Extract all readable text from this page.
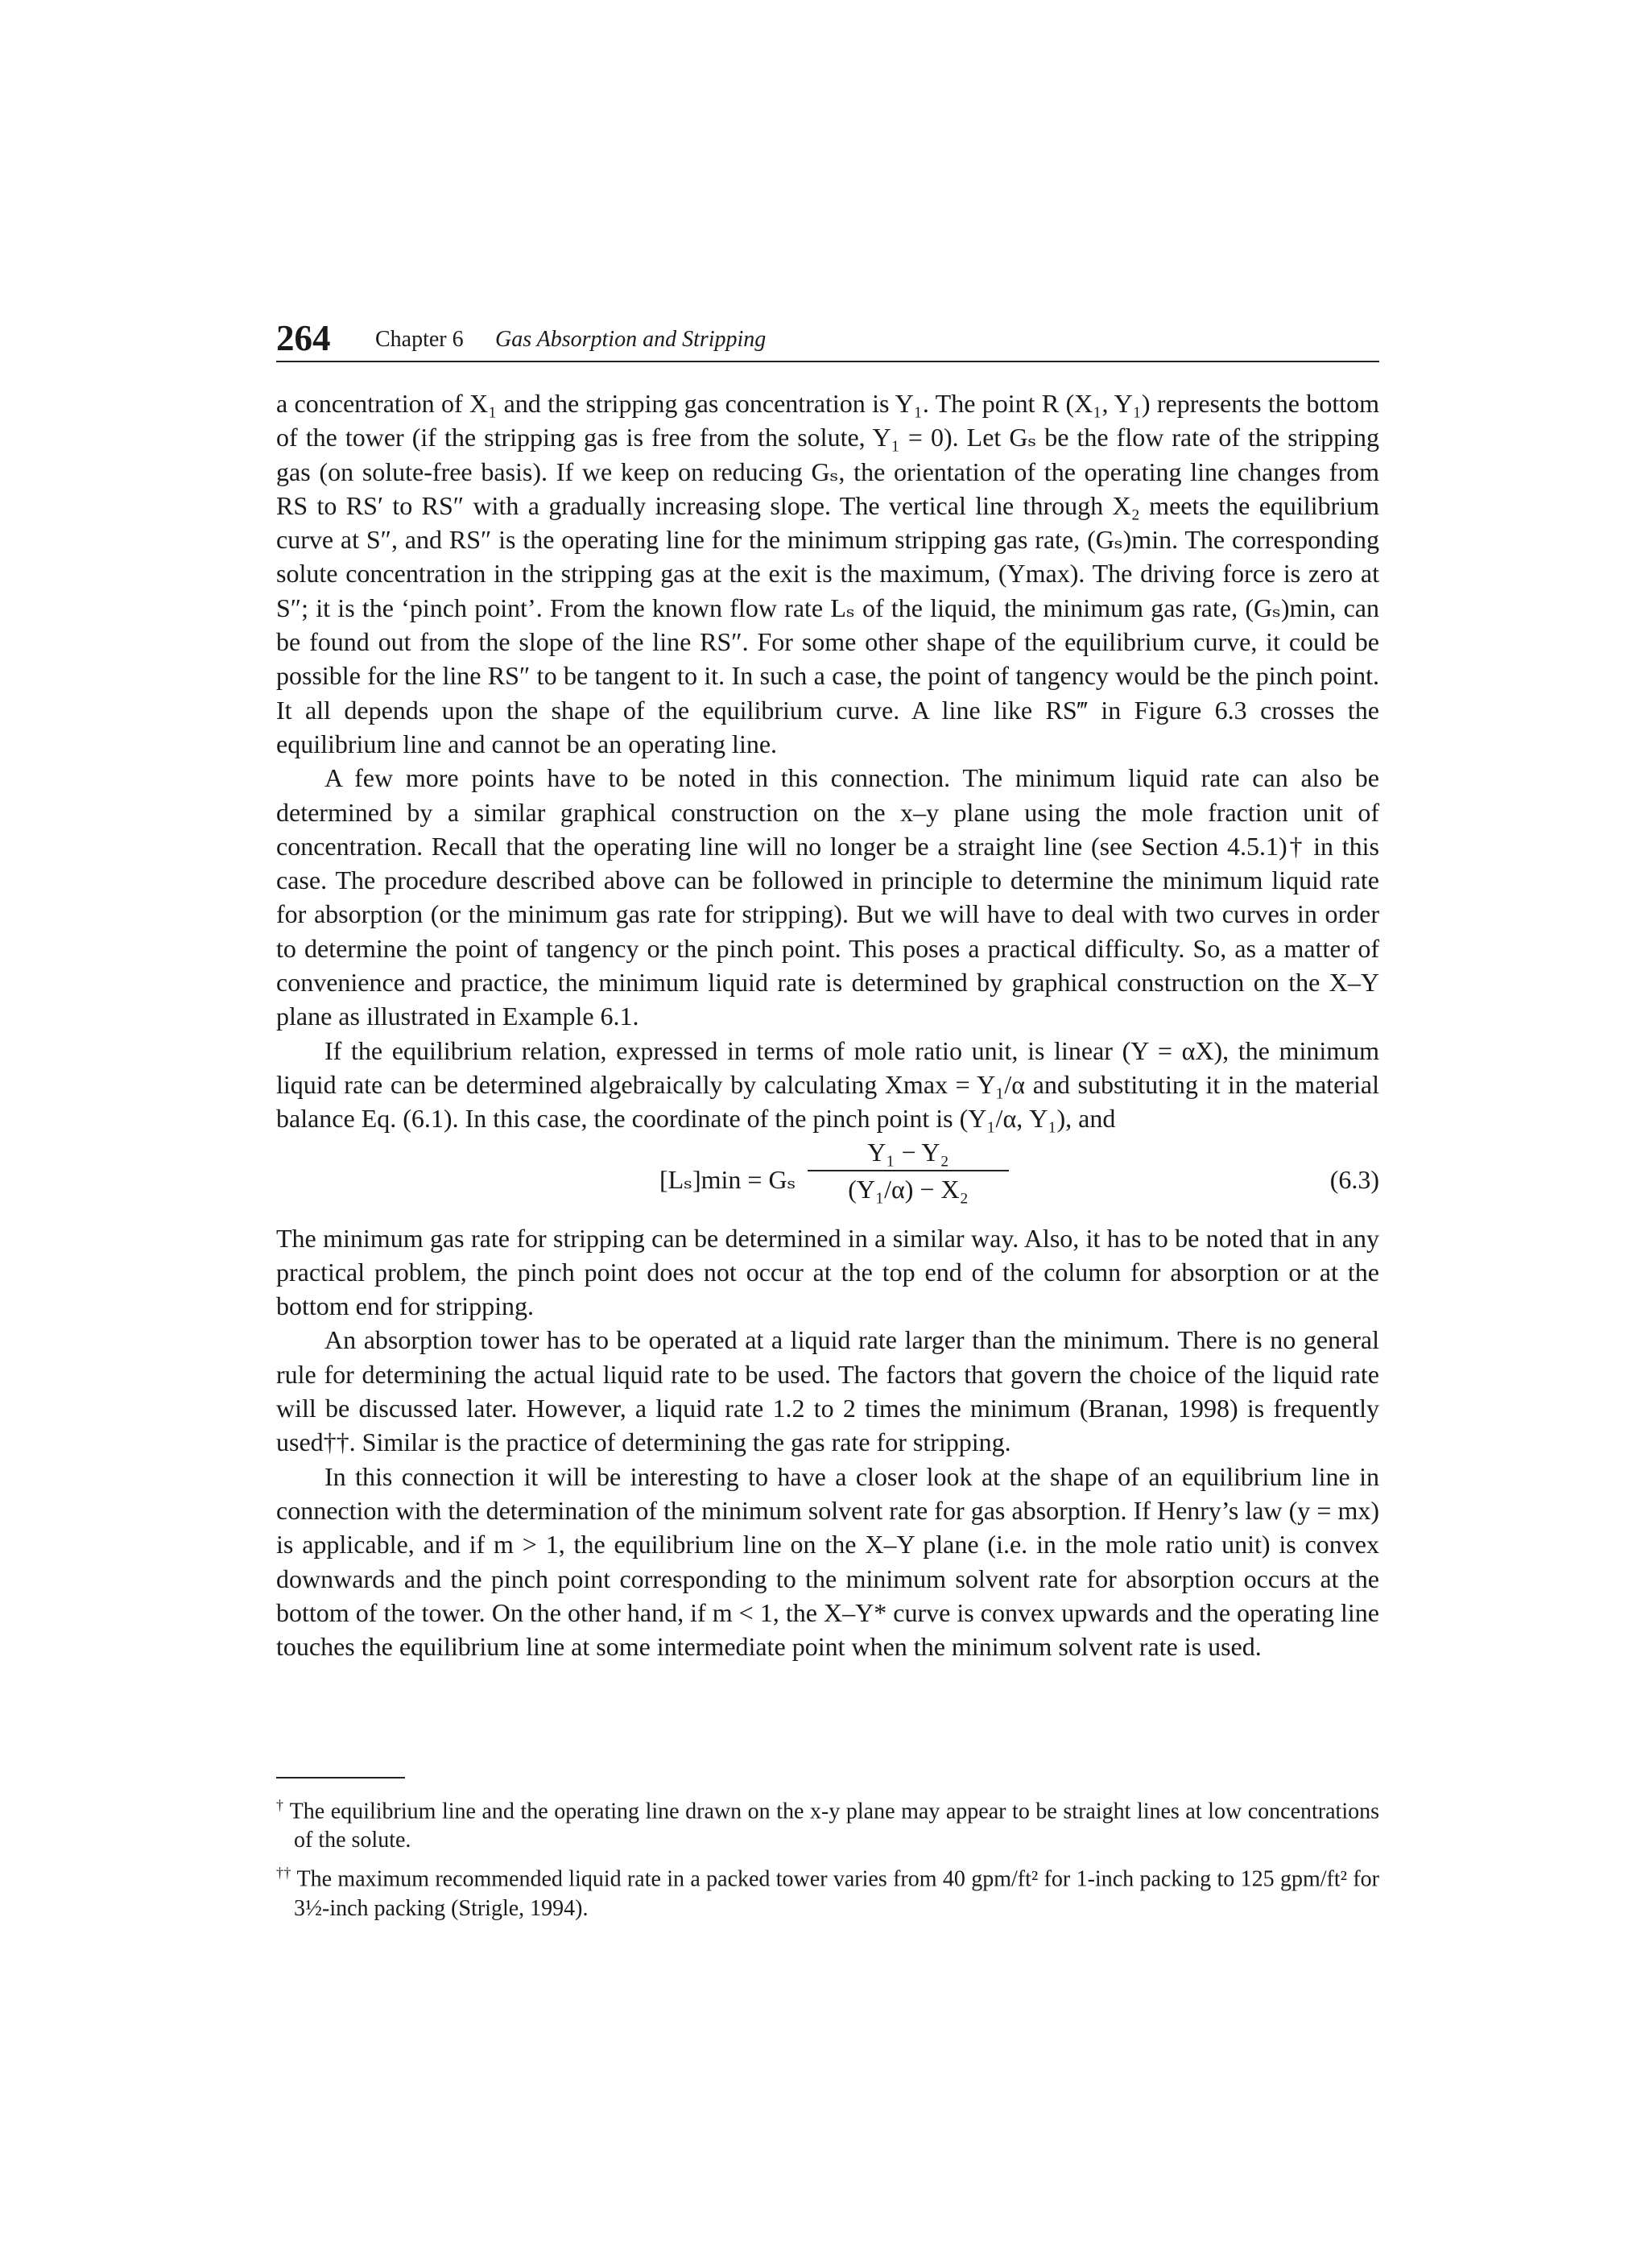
264 Chapter 6 Gas Absorption and Stripping

a concentration of X₁ and the stripping gas concentration is Y₁. The point R (X₁, Y₁) represents the bottom of the tower (if the stripping gas is free from the solute, Y₁ = 0). Let Gₛ be the flow rate of the stripping gas (on solute-free basis). If we keep on reducing Gₛ, the orientation of the operating line changes from RS to RS′ to RS″ with a gradually increasing slope. The vertical line through X₂ meets the equilibrium curve at S″, and RS″ is the operating line for the minimum stripping gas rate, (Gₛ)min. The corresponding solute concentration in the stripping gas at the exit is the maximum, (Ymax). The driving force is zero at S″; it is the ‘pinch point’. From the known flow rate Lₛ of the liquid, the minimum gas rate, (Gₛ)min, can be found out from the slope of the line RS″. For some other shape of the equilibrium curve, it could be possible for the line RS″ to be tangent to it. In such a case, the point of tangency would be the pinch point. It all depends upon the shape of the equilibrium curve. A line like RS‴ in Figure 6.3 crosses the equilibrium line and cannot be an operating line.

A few more points have to be noted in this connection. The minimum liquid rate can also be determined by a similar graphical construction on the x–y plane using the mole fraction unit of concentration. Recall that the operating line will no longer be a straight line (see Section 4.5.1)† in this case. The procedure described above can be followed in principle to determine the minimum liquid rate for absorption (or the minimum gas rate for stripping). But we will have to deal with two curves in order to determine the point of tangency or the pinch point. This poses a practical difficulty. So, as a matter of convenience and practice, the minimum liquid rate is determined by graphical construction on the X–Y plane as illustrated in Example 6.1.

If the equilibrium relation, expressed in terms of mole ratio unit, is linear (Y = αX), the minimum liquid rate can be determined algebraically by calculating Xmax = Y₁/α and substituting it in the material balance Eq. (6.1). In this case, the coordinate of the pinch point is (Y₁/α, Y₁), and

[Lₛ]min = Gₛ $\frac{\text{Y₁ − Y₂}}{\text{(Y₁/α) − X₂}}$	(6.3)

The minimum gas rate for stripping can be determined in a similar way. Also, it has to be noted that in any practical problem, the pinch point does not occur at the top end of the column for absorption or at the bottom end for stripping.

An absorption tower has to be operated at a liquid rate larger than the minimum. There is no general rule for determining the actual liquid rate to be used. The factors that govern the choice of the liquid rate will be discussed later. However, a liquid rate 1.2 to 2 times the minimum (Branan, 1998) is frequently used††. Similar is the practice of determining the gas rate for stripping.

In this connection it will be interesting to have a closer look at the shape of an equilibrium line in connection with the determination of the minimum solvent rate for gas absorption. If Henry’s law (y = mx) is applicable, and if m > 1, the equilibrium line on the X–Y plane (i.e. in the mole ratio unit) is convex downwards and the pinch point corresponding to the minimum solvent rate for absorption occurs at the bottom of the tower. On the other hand, if m < 1, the X–Y* curve is convex upwards and the operating line touches the equilibrium line at some intermediate point when the minimum solvent rate is used.

† The equilibrium line and the operating line drawn on the x-y plane may appear to be straight lines at low concentrations of the solute.

†† The maximum recommended liquid rate in a packed tower varies from 40 gpm/ft² for 1-inch packing to 125 gpm/ft² for 3½-inch packing (Strigle, 1994).
